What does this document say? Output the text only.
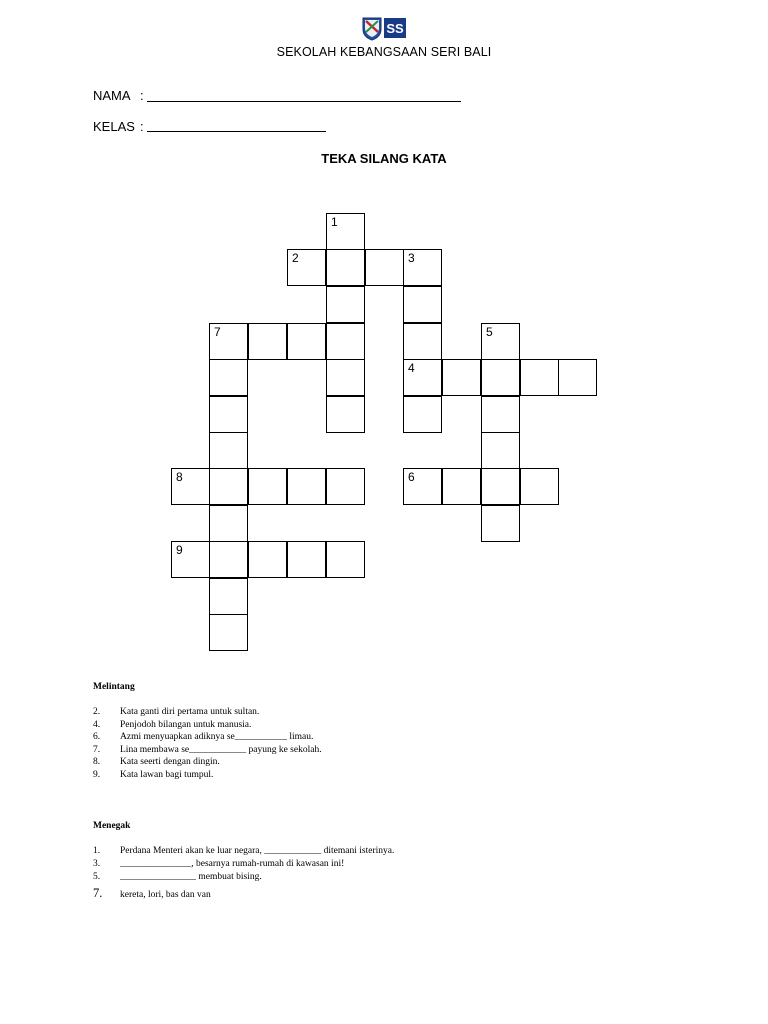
SS
SEKOLAH KEBANGSAAN SERI BALI
NAMA :
KELAS :
TEKA SILANG KATA
1
2	3
7	5
4
8	6
9
Melintang
2. Kata ganti diri pertama untuk sultan.
4. Penjodoh bilangan untuk manusia.
6. Azmi menyuapkan adiknya se___________ limau.
7. Lina membawa se____________ payung ke sekolah.
8. Kata seerti dengan dingin.
9. Kata lawan bagi tumpul.
Menegak
1. Perdana Menteri akan ke luar negara, ____________ ditemani isterinya.
3. _______________, besarnya rumah-rumah di kawasan ini!
5. ________________ membuat bising.
7. kereta, lori, bas dan van
